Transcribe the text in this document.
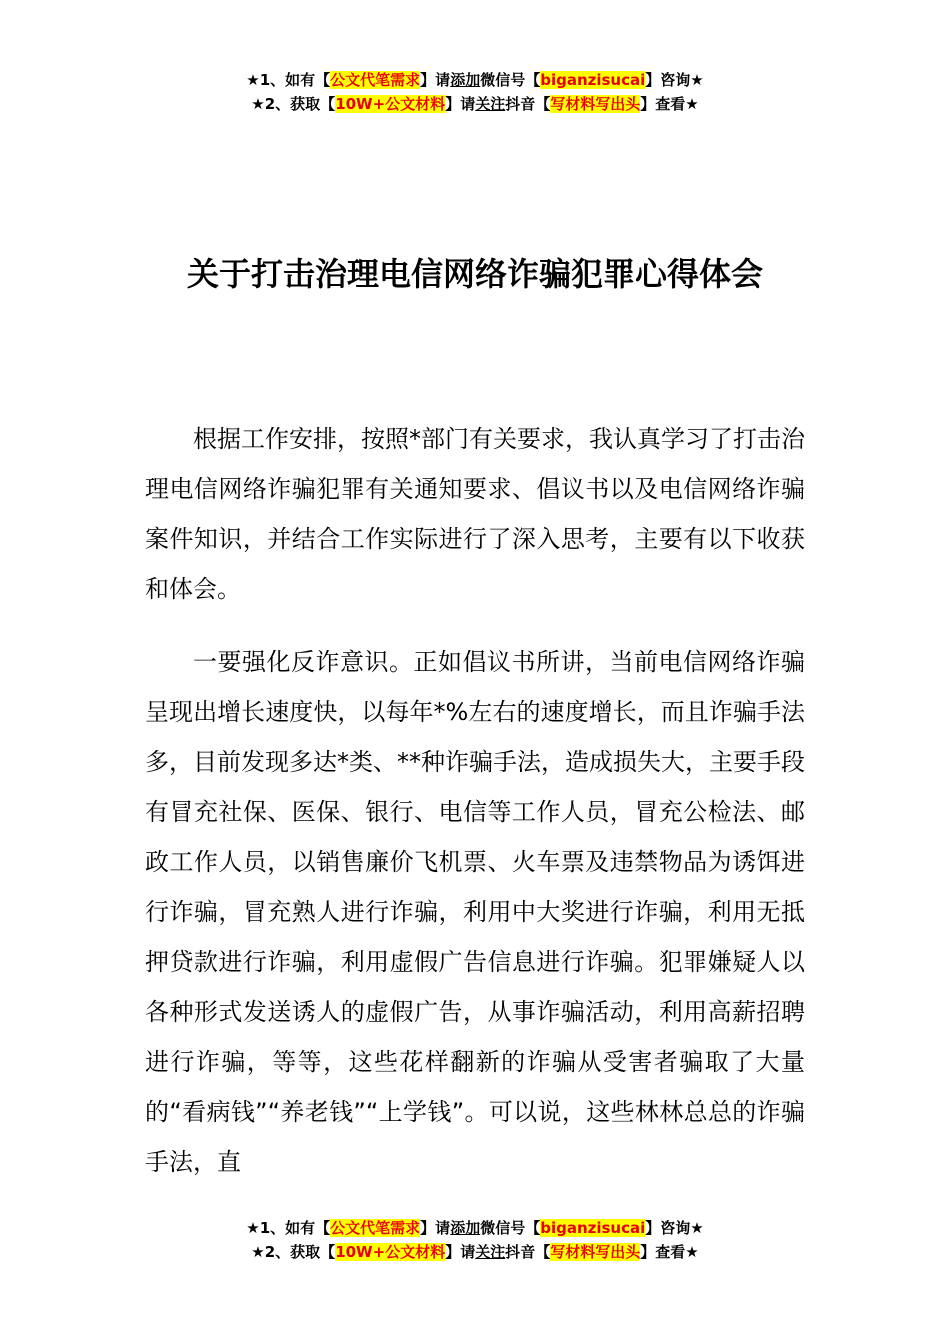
★1、如有【公文代笔需求】请添加微信号【biganzisucai】咨询★
★2、获取【10W+公文材料】请关注抖音【写材料写出头】查看★
关于打击治理电信网络诈骗犯罪心得体会

根据工作安排，按照*部门有关要求，我认真学习了打击治理电信网络诈骗犯罪有关通知要求、倡议书以及电信网络诈骗案件知识，并结合工作实际进行了深入思考，主要有以下收获和体会。

一要强化反诈意识。正如倡议书所讲，当前电信网络诈骗呈现出增长速度快，以每年*%左右的速度增长，而且诈骗手法多，目前发现多达*类、**种诈骗手法，造成损失大，主要手段有冒充社保、医保、银行、电信等工作人员，冒充公检法、邮政工作人员，以销售廉价飞机票、火车票及违禁物品为诱饵进行诈骗，冒充熟人进行诈骗，利用中大奖进行诈骗，利用无抵押贷款进行诈骗，利用虚假广告信息进行诈骗。犯罪嫌疑人以各种形式发送诱人的虚假广告，从事诈骗活动，利用高薪招聘进行诈骗，等等，这些花样翻新的诈骗从受害者骗取了大量的“看病钱”“养老钱”“上学钱”。可以说，这些林林总总的诈骗手法，直

★1、如有【公文代笔需求】请添加微信号【biganzisucai】咨询★
★2、获取【10W+公文材料】请关注抖音【写材料写出头】查看★
